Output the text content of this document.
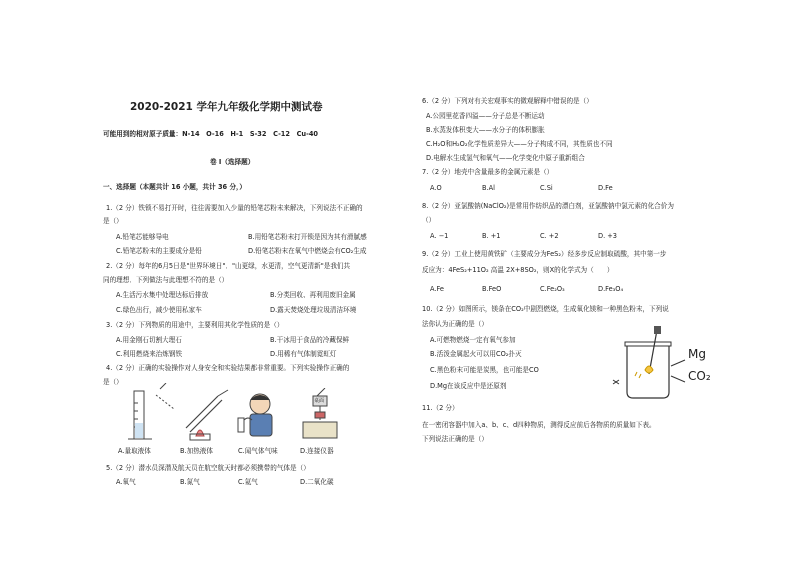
2020-2021 学年九年级化学期中测试卷
可能用到的相对原子质量：N-14　O-16　H-1　S-32　C-12　Cu-40
卷 I（选择题）
一、选择题（本题共计 16 小题，共计 36 分，）
1.（2 分）铁锁不易打开时，往往需要加入少量的铅笔芯粉末来解决，下列说法不正确的
是（）
A.铅笔芯能够导电	B.用铅笔芯粉末打开锁是因为其有滑腻感
C.铅笔芯粉末的主要成分是铅	D.铅笔芯粉末在氧气中燃烧会有CO₂生成
2.（2 分）每年的6月5日是"世界环境日"．"山更绿，水更清，空气更清新"是我们共
同的理想．下列做法与此理想不符的是（）
A.生活污水集中处理达标后排放	B.分类回收、再利用废旧金属
C.绿色出行，减少使用私家车	D.露天焚烧处理垃圾清洁环境
3.（2 分）下列物质的用途中，主要利用其化学性质的是（）
A.用金刚石切割大理石	B.干冰用于食品的冷藏保鲜
C.利用燃烧来治炼钢铁	D.用稀有气体制霓虹灯
4.（2 分）正确的实验操作对人身安全和实验结果都非常重要。下列实验操作正确的
是（）
桌面
A.量取液体	B.加热液体	C.闻气体气味	D.连接仪器
5.（2 分）潜水员深潜及航天员在航空航天时都必须携带的气体是（）
A.氧气	B.氮气	C.氦气	D.二氧化碳
6.（2 分）下列对有关宏观事实的微观解释中错误的是（）
A.公园里花香四溢——分子总是不断运动
B.水蒸发体积变大——水分子的体积膨胀
C.H₂O和H₂O₂化学性质差异大——分子构成不同，其性质也不同
D.电解水生成氢气和氧气——化学变化中原子重新组合
7.（2 分）地壳中含量最多的金属元素是（）
A.O	B.Al	C.Si	D.Fe
8.（2 分）亚氯酸钠(NaClO₂)是常用作纺织品的漂白剂，亚氯酸钠中氯元素的化合价为
（）
A. −1	B. +1	C. +2	D. +3
9.（2 分）工业上使用黄铁矿（主要成分为FeS₂）经多步反应制取硫酸，其中第一步
反应为：4FeS₂+11O₂ 高温 2X+8SO₂，则X的化学式为（　　）
A.Fe	B.FeO	C.Fe₂O₃	D.Fe₃O₄
10.（2 分）如图所示，镁条在CO₂中剧烈燃烧，生成氧化镁和一种黑色粉末，下列说
法你认为正确的是（）
A.可燃物燃烧一定有氧气参加
B.活泼金属起火可以用CO₂扑灭
C.黑色粉末可能是炭黑，也可能是CO
D.Mg在该反应中是还原剂
Mg
CO₂
11.（2 分）
在一密闭容器中加入a、b、c、d四种物质，测得反应前后各物质的质量如下表。
下列说法正确的是（）
